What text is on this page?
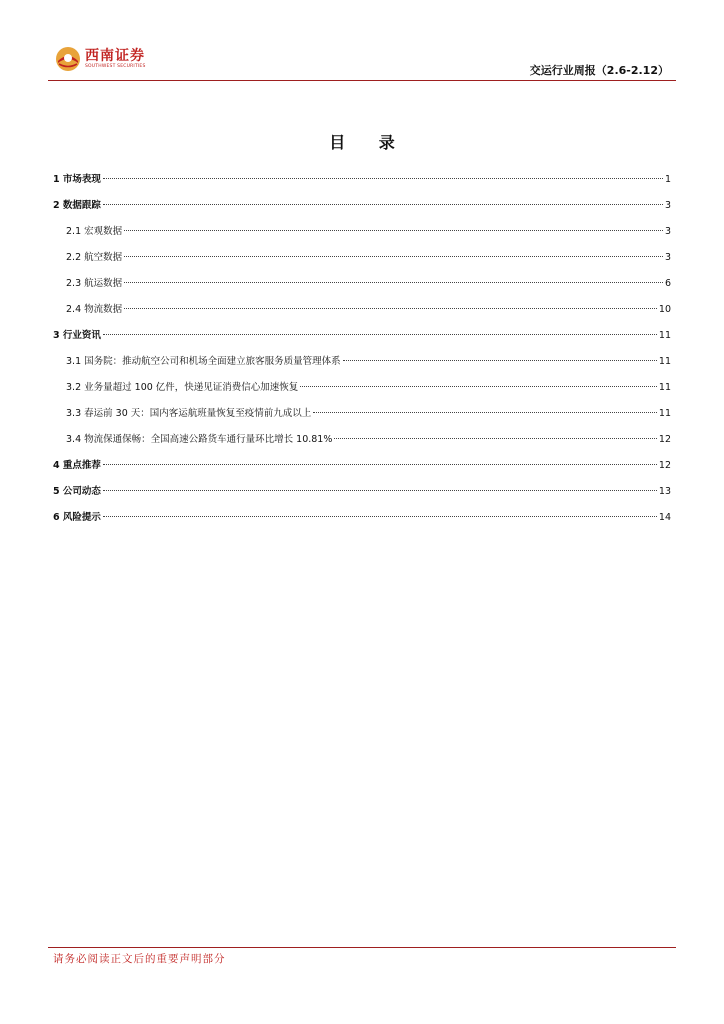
西南证券
SOUTHWEST SECURITIES	交运行业周报（2.6-2.12）
目 录
1 市场表现	1
2 数据跟踪	3
2.1 宏观数据	3
2.2 航空数据	3
2.3 航运数据	6
2.4 物流数据	10
3 行业资讯	11
3.1 国务院：推动航空公司和机场全面建立旅客服务质量管理体系	11
3.2 业务量超过 100 亿件，快递见证消费信心加速恢复	11
3.3 春运前 30 天：国内客运航班量恢复至疫情前九成以上	11
3.4 物流保通保畅：全国高速公路货车通行量环比增长 10.81%	12
4 重点推荐	12
5 公司动态	13
6 风险提示	14
请务必阅读正文后的重要声明部分
